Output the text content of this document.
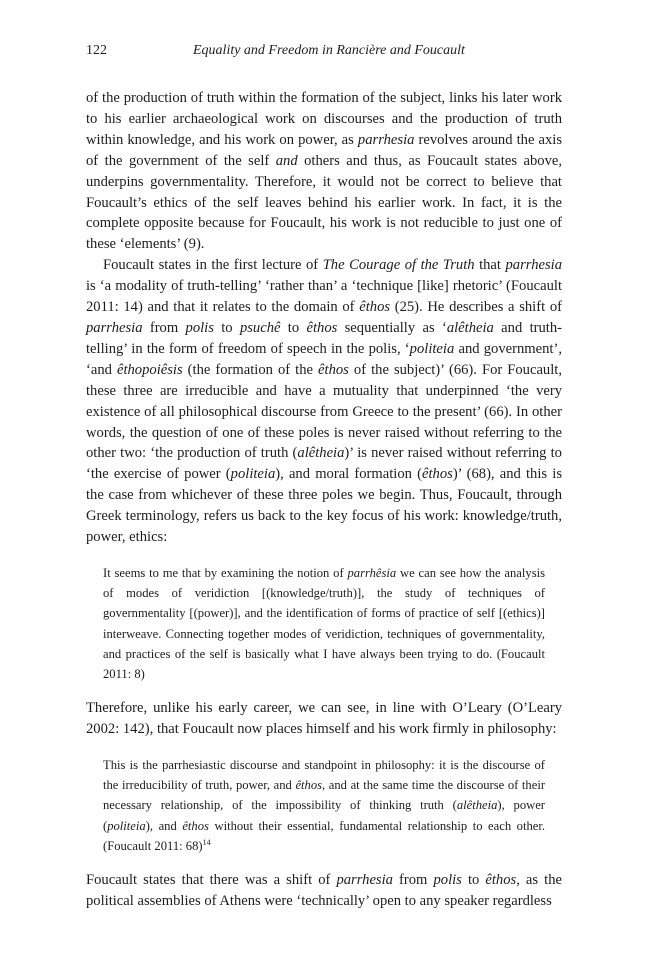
122	Equality and Freedom in Rancière and Foucault

of the production of truth within the formation of the subject, links his later work to his earlier archaeological work on discourses and the production of truth within knowledge, and his work on power, as parrhesia revolves around the axis of the government of the self and others and thus, as Foucault states above, underpins governmentality. Therefore, it would not be correct to believe that Foucault’s ethics of the self leaves behind his earlier work. In fact, it is the complete opposite because for Foucault, his work is not reducible to just one of these ‘elements’ (9).

Foucault states in the first lecture of The Courage of the Truth that parrhesia is ‘a modality of truth-telling’ ‘rather than’ a ‘technique [like] rhetoric’ (Foucault 2011: 14) and that it relates to the domain of êthos (25). He describes a shift of parrhesia from polis to psuchê to êthos sequentially as ‘alêtheia and truth-telling’ in the form of freedom of speech in the polis, ‘politeia and government’, ‘and êthopoiêsis (the formation of the êthos of the subject)’ (66). For Foucault, these three are irreducible and have a mutuality that underpinned ‘the very existence of all philosophical discourse from Greece to the present’ (66). In other words, the question of one of these poles is never raised without referring to the other two: ‘the production of truth (alêtheia)’ is never raised without referring to ‘the exercise of power (politeia), and moral formation (êthos)’ (68), and this is the case from whichever of these three poles we begin. Thus, Foucault, through Greek terminology, refers us back to the key focus of his work: knowledge/truth, power, ethics:

It seems to me that by examining the notion of parrhêsia we can see how the analysis of modes of veridiction [(knowledge/truth)], the study of techniques of governmentality [(power)], and the identification of forms of practice of self [(ethics)] interweave. Connecting together modes of veridiction, techniques of governmentality, and practices of the self is basically what I have always been trying to do. (Foucault 2011: 8)

Therefore, unlike his early career, we can see, in line with O’Leary (O’Leary 2002: 142), that Foucault now places himself and his work firmly in philosophy:

This is the parrhesiastic discourse and standpoint in philosophy: it is the discourse of the irreducibility of truth, power, and êthos, and at the same time the discourse of their necessary relationship, of the impossibility of thinking truth (alêtheia), power (politeia), and êthos without their essential, fundamental relationship to each other. (Foucault 2011: 68)$^{14}$

Foucault states that there was a shift of parrhesia from polis to êthos, as the political assemblies of Athens were ‘technically’ open to any speaker regardless
